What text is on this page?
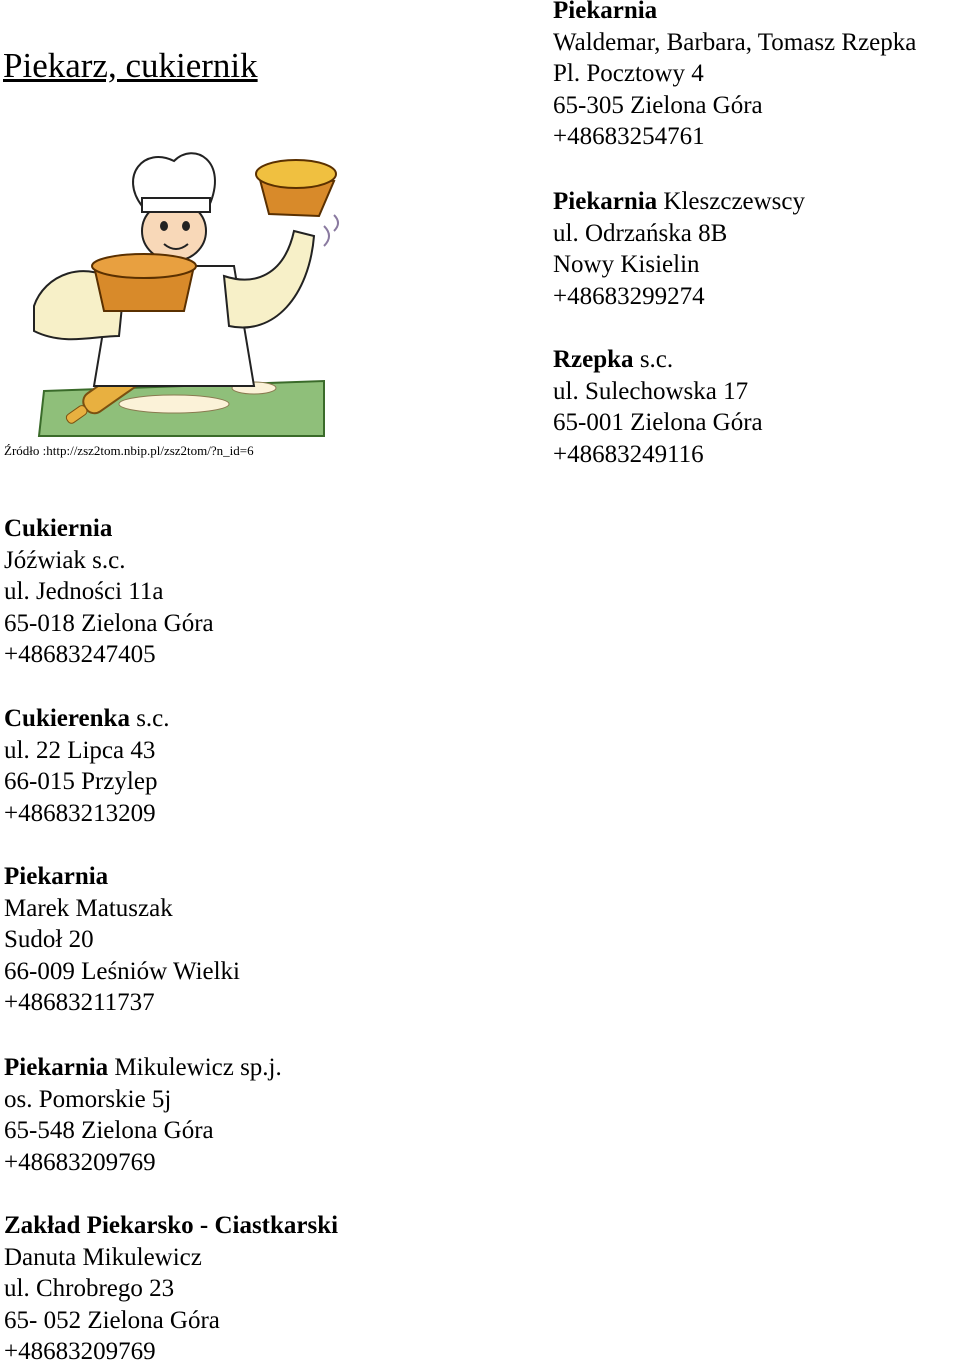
Piekarz, cukiernik
Źródło :http://zsz2tom.nbip.pl/zsz2tom/?n_id=6
Piekarnia
Waldemar, Barbara, Tomasz Rzepka
Pl. Pocztowy 4
65-305 Zielona Góra
+48683254761
Piekarnia Kleszczewscy
ul. Odrzańska 8B
Nowy Kisielin
+48683299274
Rzepka s.c.
ul. Sulechowska 17
65-001 Zielona Góra
+48683249116
Cukiernia
Jóźwiak s.c.
ul. Jedności 11a
65-018 Zielona Góra
+48683247405
Cukierenka s.c.
ul. 22 Lipca 43
66-015 Przylep
+48683213209
Piekarnia
Marek Matuszak
Sudoł 20
66-009 Leśniów Wielki
+48683211737
Piekarnia Mikulewicz sp.j.
os. Pomorskie 5j
65-548 Zielona Góra
+48683209769
Zakład Piekarsko - Ciastkarski
Danuta Mikulewicz
ul. Chrobrego 23
65- 052 Zielona Góra
+48683209769
